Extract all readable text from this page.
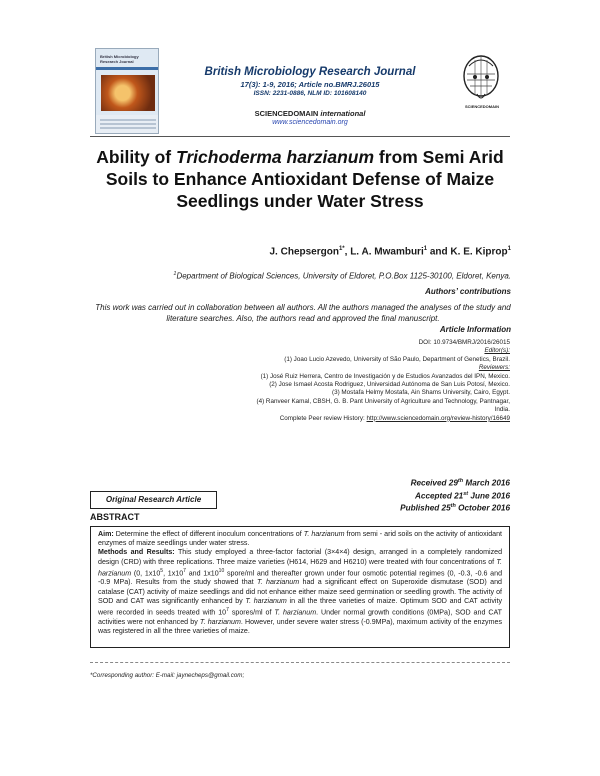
British Microbiology Research Journal
British Microbiology Research Journal
17(3): 1-9, 2016; Article no.BMRJ.26015
ISSN: 2231-0886, NLM ID: 101608140
SCIENCEDOMAIN international
www.sciencedomain.org
SCIENCEDOMAIN
Ability of Trichoderma harzianum from Semi Arid Soils to Enhance Antioxidant Defense of Maize Seedlings under Water Stress
J. Chepsergon$^{1*}$, L. A. Mwamburi$^1$ and K. E. Kiprop$^1$
$^1$Department of Biological Sciences, University of Eldoret, P.O.Box 1125-30100, Eldoret, Kenya.
Authors’ contributions
This work was carried out in collaboration between all authors. All the authors managed the analyses of the study and literature searches. Also, the authors read and approved the final manuscript.
Article Information
DOI: 10.9734/BMRJ/2016/26015
Editor(s):
(1) Joao Lucio Azevedo, University of São Paulo, Department of Genetics, Brazil.
Reviewers:
(1) José Ruiz Herrera, Centro de Investigación y de Estudios Avanzados del IPN, Mexico.
(2) Jose Ismael Acosta Rodriguez, Universidad Autónoma de San Luis Potosí, Mexico.
(3) Mostafa Helmy Mostafa, Ain Shams University, Cairo, Egypt.
(4) Ranveer Kamal, CBSH, G. B. Pant University of Agriculture and Technology, Pantnagar, India.
Complete Peer review History: http://www.sciencedomain.org/review-history/16649
Original Research Article
Received 29th March 2016
Accepted 21st June 2016
Published 25th October 2016
ABSTRACT
Aim: Determine the effect of different inoculum concentrations of T. harzianum from semi - arid soils on the activity of antioxidant enzymes of maize seedlings under water stress.
Methods and Results: This study employed a three-factor factorial (3×4×4) design, arranged in a completely randomized design (CRD) with three replications. Three maize varieties (H614, H629 and H6210) were treated with four concentrations of T. harzianum (0, $1x10^5$, $1x10^7$ and $1x10^{10}$ spore/ml and thereafter grown under four osmotic potential regimes (0, -0.3, -0.6 and -0.9 MPa). Results from the study showed that T. harzianum had a significant effect on Superoxide dismutase (SOD) and catalase (CAT) activity of maize seedlings and did not enhance either maize seed germination or seedling growth. The activity of SOD and CAT was significantly enhanced by T. harzianum in all the three varieties of maize. Optimum SOD and CAT activity were recorded in seeds treated with $10^7$ spores/ml of T. harzianum. Under normal growth conditions (0MPa), SOD and CAT activities were not enhanced by T. harzianum. However, under severe water stress (-0.9MPa), maximum activity of the enzymes was registered in all the three varieties of maize.
*Corresponding author: E-mail: jaynecheps@gmail.com;
